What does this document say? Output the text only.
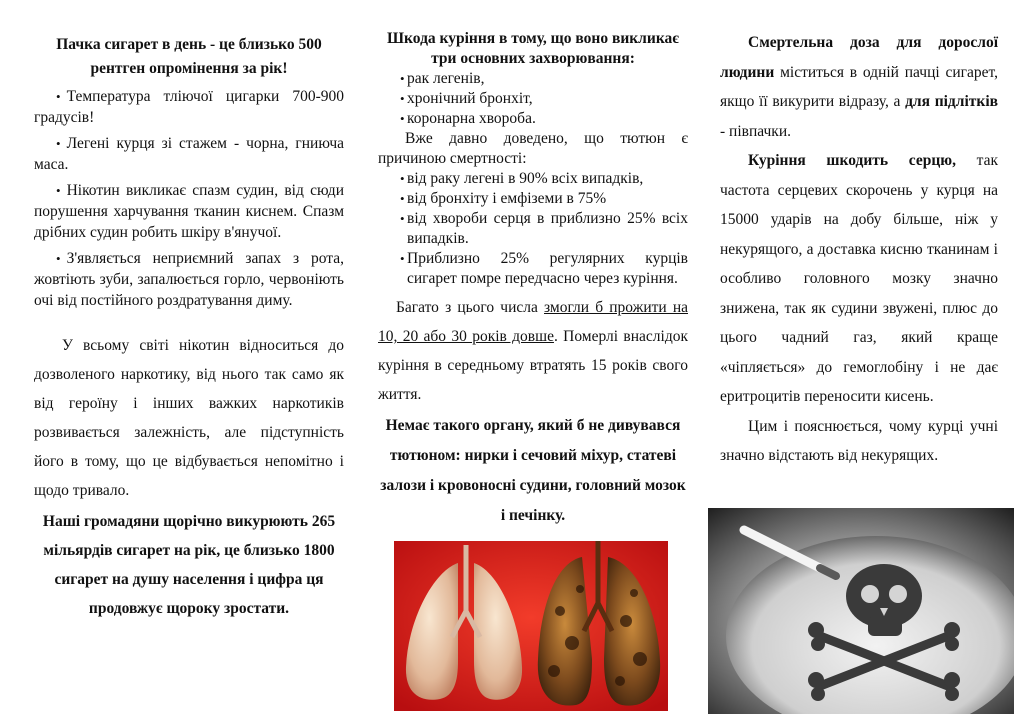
Пачка сигарет в день - це близько 500 рентген опромінення за рік!

• Температура тліючої цигарки 700-900 градусів!

• Легені курця зі стажем - чорна, гниюча маса.

• Нікотин викликає спазм судин, від сюди порушення харчування тканин киснем. Спазм дрібних судин робить шкіру в'янучої.

• З'являється неприємний запах з рота, жовтіють зуби, запалюється горло, червоніють очі від постійного роздратування диму.

У всьому світі нікотин відноситься до дозволеного наркотику, від нього так само як від героїну і інших важких наркотиків розвивається залежність, але підступність його в тому, що це відбувається непомітно і щодо тривало.

Наші громадяни щорічно викурюють 265 мільярдів сигарет на рік, це близько 1800 сигарет на душу населення і цифра ця продовжує щороку зростати.

Шкода куріння в тому, що воно викликає три основних захворювання:

• рак легенів,
• хронічний бронхіт,
• коронарна хвороба.

Вже давно доведено, що тютюн є причиною смертності:

• від раку легені в 90% всіх випадків,
• від бронхіту і емфіземи в 75%
• від хвороби серця в приблизно 25% всіх випадків.
• Приблизно 25% регулярних курців сигарет помре передчасно через куріння.

Багато з цього числа змогли б прожити на 10, 20 або 30 років довше. Померлі внаслідок куріння в середньому втратять 15 років свого життя.

Немає такого органу, який б не дивувався тютюном: нирки і сечовий міхур, статеві залози і кровоносні судини, головний мозок і печінку.

Смертельна доза для дорослої людини міститься в одній пачці сигарет, якщо її викурити відразу, а для підлітків - півпачки.

Куріння шкодить серцю, так частота серцевих скорочень у курця на 15000 ударів на добу більше, ніж у некурящого, а доставка кисню тканинам і особливо головного мозку значно знижена, так як судини звужені, плюс до цього чадний газ, який краще «чіпляється» до гемоглобіну і не дає еритроцитів переносити кисень.

Цим і пояснюється, чому курці учні значно відстають від некурящих.
